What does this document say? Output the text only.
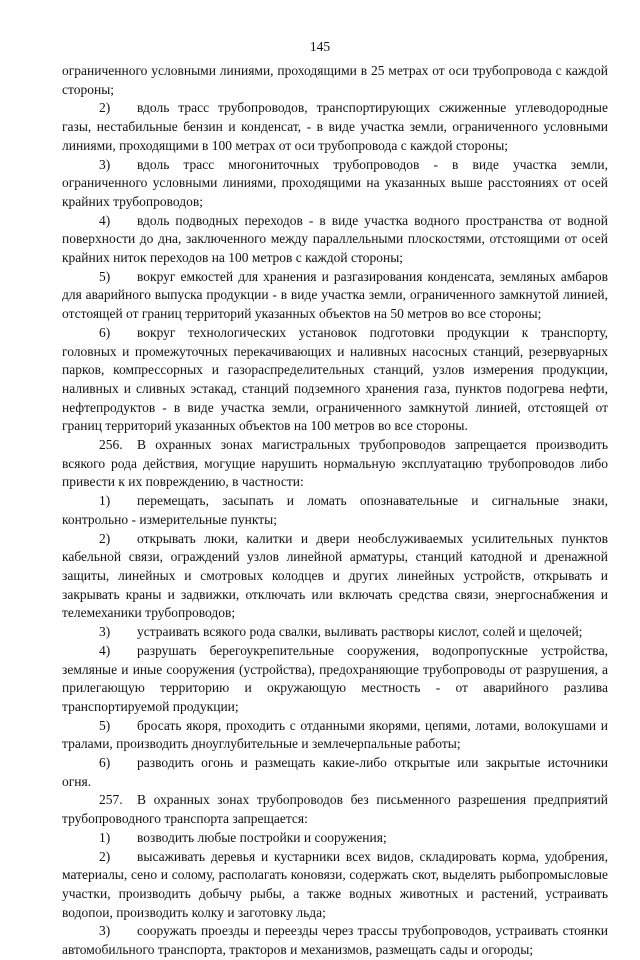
145

ограниченного условными линиями, проходящими в 25 метрах от оси трубопровода с каждой стороны;

2) вдоль трасс трубопроводов, транспортирующих сжиженные углеводородные газы, нестабильные бензин и конденсат, - в виде участка земли, ограниченного условными линиями, проходящими в 100 метрах от оси трубопровода с каждой стороны;

3) вдоль трасс многониточных трубопроводов - в виде участка земли, ограниченного условными линиями, проходящими на указанных выше расстояниях от осей крайних трубопроводов;

4) вдоль подводных переходов - в виде участка водного пространства от водной поверхности до дна, заключенного между параллельными плоскостями, отстоящими от осей крайних ниток переходов на 100 метров с каждой стороны;

5) вокруг емкостей для хранения и разгазирования конденсата, земляных амбаров для аварийного выпуска продукции - в виде участка земли, ограниченного замкнутой линией, отстоящей от границ территорий указанных объектов на 50 метров во все стороны;

6) вокруг технологических установок подготовки продукции к транспорту, головных и промежуточных перекачивающих и наливных насосных станций, резервуарных парков, компрессорных и газораспределительных станций, узлов измерения продукции, наливных и сливных эстакад, станций подземного хранения газа, пунктов подогрева нефти, нефтепродуктов - в виде участка земли, ограниченного замкнутой линией, отстоящей от границ территорий указанных объектов на 100 метров во все стороны.

256. В охранных зонах магистральных трубопроводов запрещается производить всякого рода действия, могущие нарушить нормальную эксплуатацию трубопроводов либо привести к их повреждению, в частности:

1) перемещать, засыпать и ломать опознавательные и сигнальные знаки, контрольно - измерительные пункты;

2) открывать люки, калитки и двери необслуживаемых усилительных пунктов кабельной связи, ограждений узлов линейной арматуры, станций катодной и дренажной защиты, линейных и смотровых колодцев и других линейных устройств, открывать и закрывать краны и задвижки, отключать или включать средства связи, энергоснабжения и телемеханики трубопроводов;

3) устраивать всякого рода свалки, выливать растворы кислот, солей и щелочей;

4) разрушать берегоукрепительные сооружения, водопропускные устройства, земляные и иные сооружения (устройства), предохраняющие трубопроводы от разрушения, а прилегающую территорию и окружающую местность - от аварийного разлива транспортируемой продукции;

5) бросать якоря, проходить с отданными якорями, цепями, лотами, волокушами и тралами, производить дноуглубительные и землечерпальные работы;

6) разводить огонь и размещать какие-либо открытые или закрытые источники огня.

257. В охранных зонах трубопроводов без письменного разрешения предприятий трубопроводного транспорта запрещается:

1) возводить любые постройки и сооружения;

2) высаживать деревья и кустарники всех видов, складировать корма, удобрения, материалы, сено и солому, располагать коновязи, содержать скот, выделять рыбопромысловые участки, производить добычу рыбы, а также водных животных и растений, устраивать водопои, производить колку и заготовку льда;

3) сооружать проезды и переезды через трассы трубопроводов, устраивать стоянки автомобильного транспорта, тракторов и механизмов, размещать сады и огороды;
